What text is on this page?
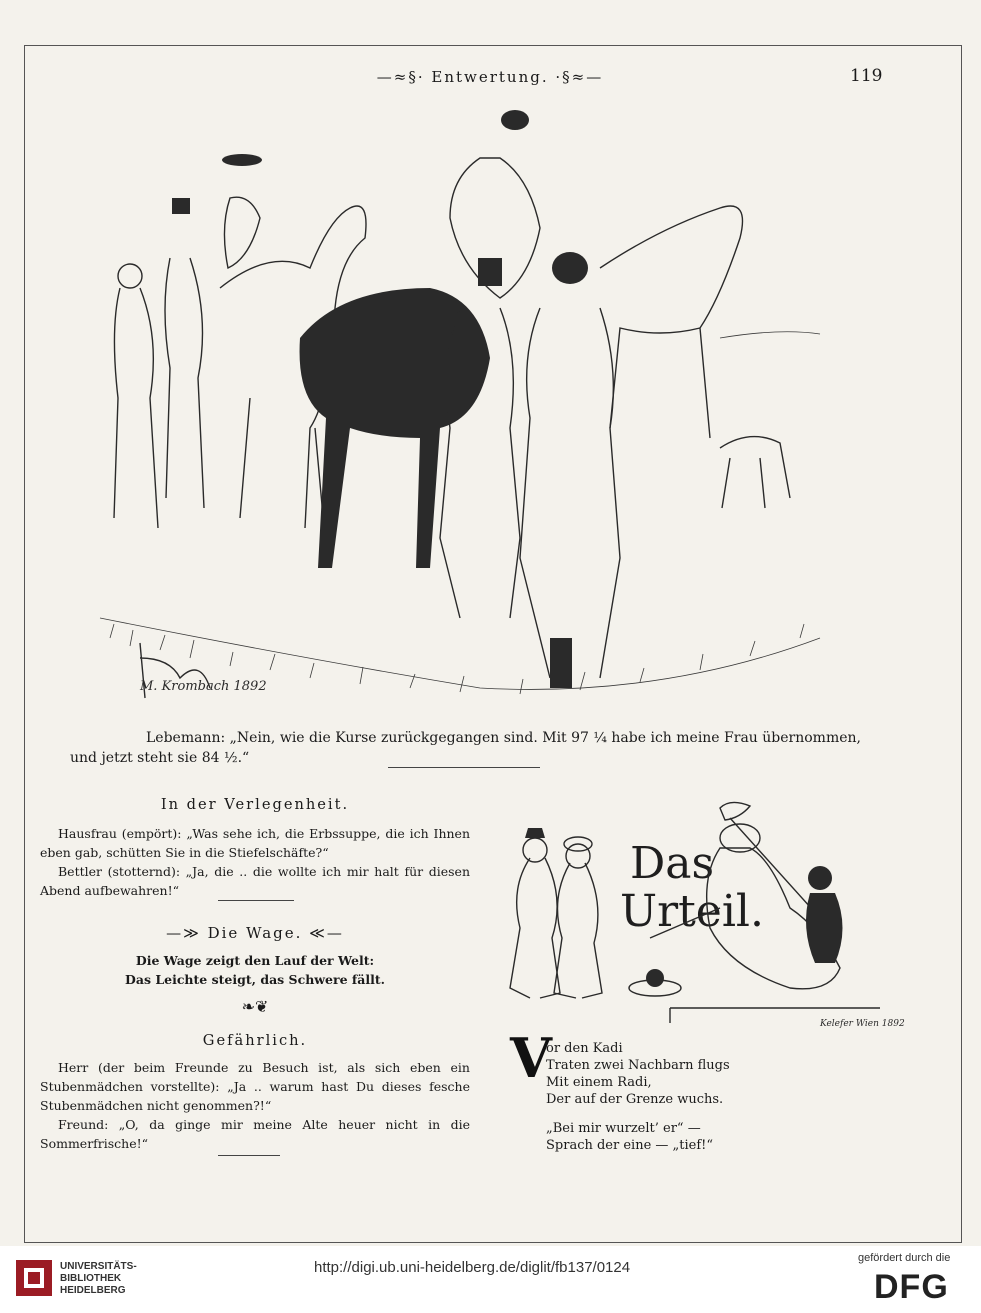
—≈§· Entwertung. ·§≈—	119
M. Krombach 1892
Lebemann: „Nein, wie die Kurse zurückgegangen sind. Mit 97 ¼ habe ich meine Frau übernommen,
und jetzt steht sie 84 ½.“
In der Verlegenheit.

Hausfrau (empört): „Was sehe ich, die Erbssuppe, die ich Ihnen eben gab, schütten Sie in die Stiefelschäfte?“

Bettler (stotternd): „Ja, die .. die wollte ich mir halt für diesen Abend aufbewahren!“

—≫ Die Wage. ≪—

Die Wage zeigt den Lauf der Welt:

Das Leichte steigt, das Schwere fällt.

❧❦
Gefährlich.

Herr (der beim Freunde zu Besuch ist, als sich eben ein Stubenmädchen vorstellte): „Ja .. warum hast Du dieses fesche Stubenmädchen nicht genommen?!“

Freund: „O, da ginge mir meine Alte heuer nicht in die Sommerfrische!“

Das
Urteil.
Kelefer Wien 1892
V
or den Kadi
Traten zwei Nachbarn flugs
Mit einem Radi,
Der auf der Grenze wuchs.
„Bei mir wurzelt’ er“ —
Sprach der eine — „tief!“
UNIVERSITÄTS-
BIBLIOTHEK
HEIDELBERG
http://digi.ub.uni-heidelberg.de/diglit/fb137/0124
gefördert durch die
DFG
